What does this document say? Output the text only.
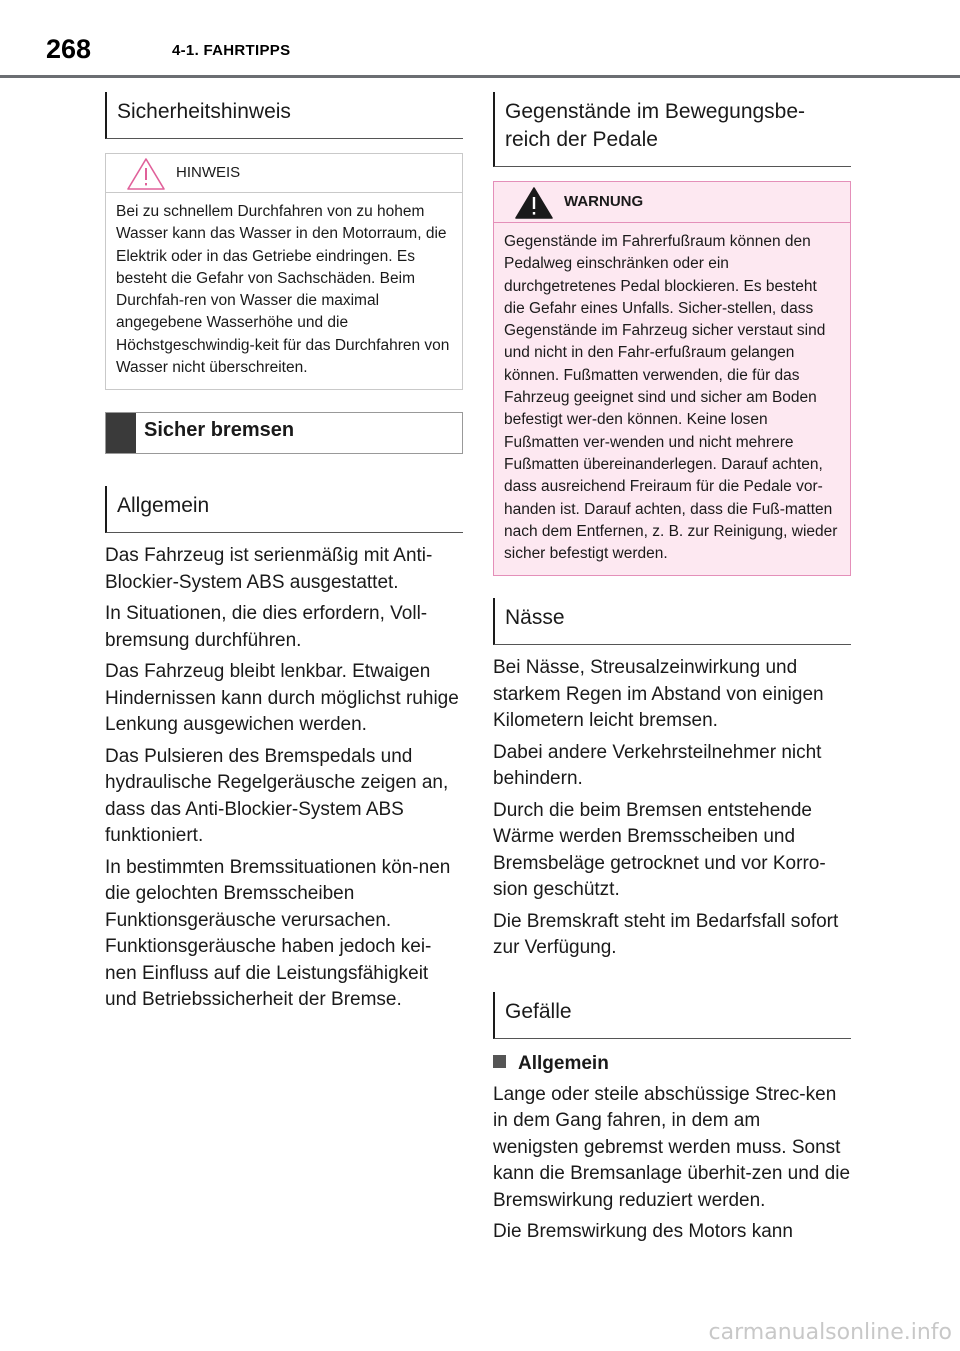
268	4-1. FAHRTIPPS
Sicherheitshinweis
HINWEIS
Bei zu schnellem Durchfahren von zu hohem Wasser kann das Wasser in den Motorraum, die Elektrik oder in das Getriebe eindringen. Es besteht die Gefahr von Sachschäden. Beim Durchfah-ren von Wasser die maximal angegebene Wasserhöhe und die Höchstgeschwindig-keit für das Durchfahren von Wasser nicht überschreiten.
Sicher bremsen
Allgemein

Das Fahrzeug ist serienmäßig mit Anti-Blockier-System ABS ausgestattet.

In Situationen, die dies erfordern, Voll-bremsung durchführen.

Das Fahrzeug bleibt lenkbar. Etwaigen Hindernissen kann durch möglichst ruhige Lenkung ausgewichen werden.

Das Pulsieren des Bremspedals und hydraulische Regelgeräusche zeigen an, dass das Anti-Blockier-System ABS funktioniert.

In bestimmten Bremssituationen kön-nen die gelochten Bremsscheiben Funktionsgeräusche verursachen. Funktionsgeräusche haben jedoch kei-nen Einfluss auf die Leistungsfähigkeit und Betriebssicherheit der Bremse.

Gegenstände im Bewegungsbe-reich der Pedale
WARNUNG
Gegenstände im Fahrerfußraum können den Pedalweg einschränken oder ein durchgetretenes Pedal blockieren. Es besteht die Gefahr eines Unfalls. Sicher-stellen, dass Gegenstände im Fahrzeug sicher verstaut sind und nicht in den Fahr-erfußraum gelangen können. Fußmatten verwenden, die für das Fahrzeug geeignet sind und sicher am Boden befestigt wer-den können. Keine losen Fußmatten ver-wenden und nicht mehrere Fußmatten übereinanderlegen. Darauf achten, dass ausreichend Freiraum für die Pedale vor-handen ist. Darauf achten, dass die Fuß-matten nach dem Entfernen, z. B. zur Reinigung, wieder sicher befestigt werden.
Nässe

Bei Nässe, Streusalzeinwirkung und starkem Regen im Abstand von einigen Kilometern leicht bremsen.

Dabei andere Verkehrsteilnehmer nicht behindern.

Durch die beim Bremsen entstehende Wärme werden Bremsscheiben und Bremsbeläge getrocknet und vor Korro-sion geschützt.

Die Bremskraft steht im Bedarfsfall sofort zur Verfügung.

Gefälle
Allgemein

Lange oder steile abschüssige Strec-ken in dem Gang fahren, in dem am wenigsten gebremst werden muss. Sonst kann die Bremsanlage überhit-zen und die Bremswirkung reduziert werden.

Die Bremswirkung des Motors kann

carmanualsonline.info
